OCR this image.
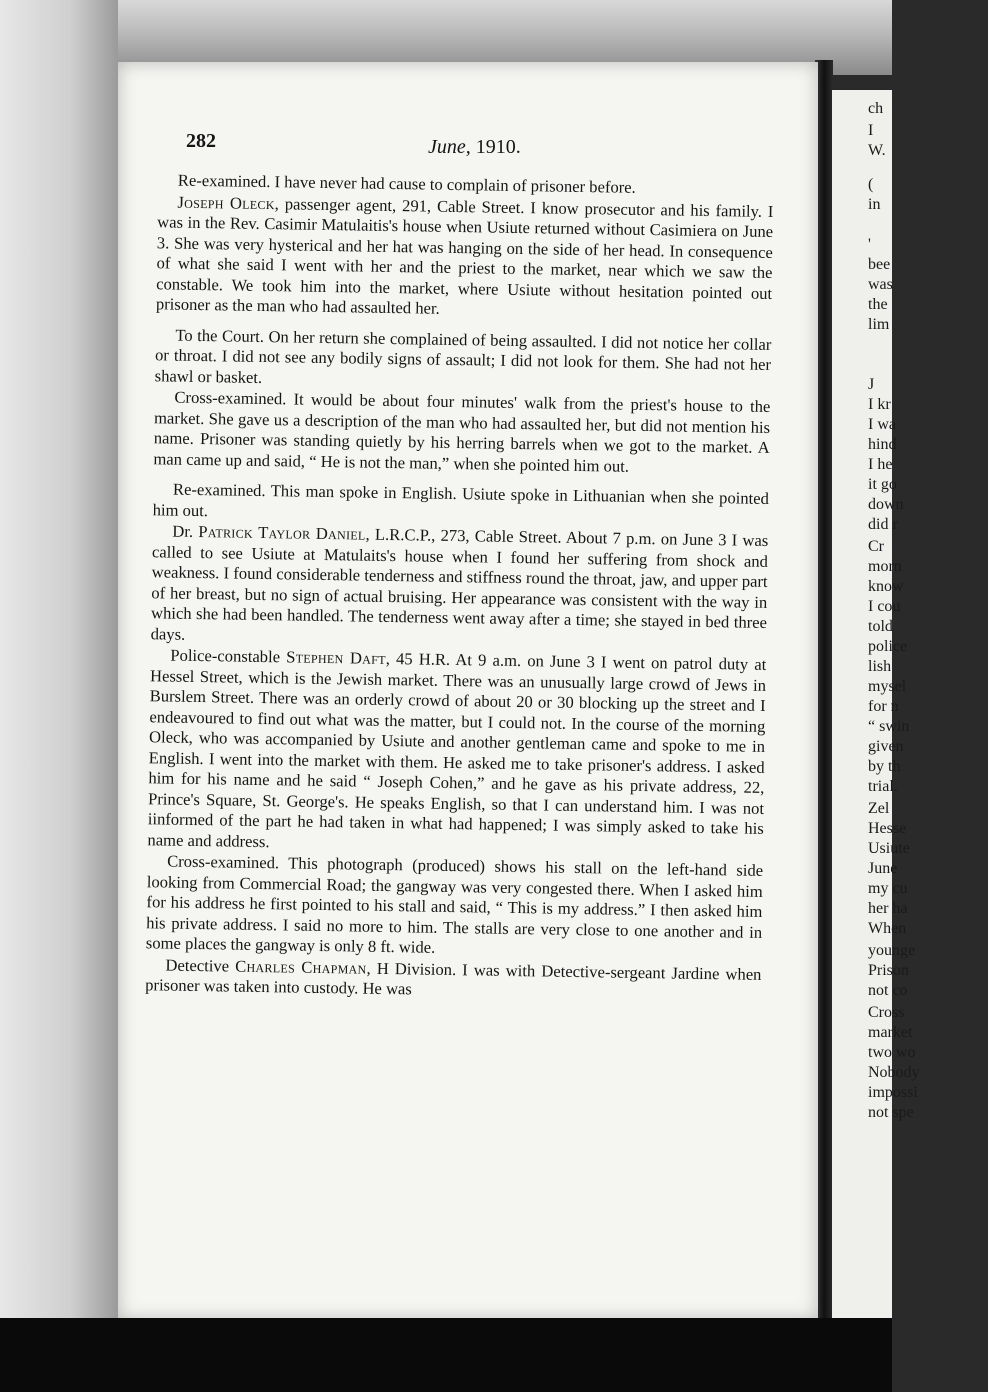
282	June, 1910.

Re-examined. I have never had cause to complain of prisoner before.

Joseph Oleck, passenger agent, 291, Cable Street. I know prosecutor and his family. I was in the Rev. Casimir Matulaitis's house when Usiute returned without Casimiera on June 3. She was very hysterical and her hat was hanging on the side of her head. In consequence of what she said I went with her and the priest to the market, near which we saw the constable. We took him into the market, where Usiute without hesitation pointed out prisoner as the man who had assaulted her.

To the Court. On her return she complained of being assaulted. I did not notice her collar or throat. I did not see any bodily signs of assault; I did not look for them. She had not her shawl or basket.

Cross-examined. It would be about four minutes' walk from the priest's house to the market. She gave us a description of the man who had assaulted her, but did not mention his name. Prisoner was standing quietly by his herring barrels when we got to the market. A man came up and said, “ He is not the man,” when she pointed him out.

Re-examined. This man spoke in English. Usiute spoke in Lithuanian when she pointed him out.

Dr. Patrick Taylor Daniel, L.R.C.P., 273, Cable Street. About 7 p.m. on June 3 I was called to see Usiute at Matulaits's house when I found her suffering from shock and weakness. I found considerable tenderness and stiffness round the throat, jaw, and upper part of her breast, but no sign of actual bruising. Her appearance was consistent with the way in which she had been handled. The tenderness went away after a time; she stayed in bed three days.

Police-constable Stephen Daft, 45 H.R. At 9 a.m. on June 3 I went on patrol duty at Hessel Street, which is the Jewish market. There was an unusually large crowd of Jews in Burslem Street. There was an orderly crowd of about 20 or 30 blocking up the street and I endeavoured to find out what was the matter, but I could not. In the course of the morning Oleck, who was accompanied by Usiute and another gentleman came and spoke to me in English. I went into the market with them. He asked me to take prisoner's address. I asked him for his name and he said “ Joseph Cohen,” and he gave as his private address, 22, Prince's Square, St. George's. He speaks English, so that I can understand him. I was not iinformed of the part he had taken in what had happened; I was simply asked to take his name and address.

Cross-examined. This photograph (produced) shows his stall on the left-hand side looking from Commercial Road; the gangway was very congested there. When I asked him for his address he first pointed to his stall and said, “ This is my address.” I then asked him his private address. I said no more to him. The stalls are very close to one another and in some places the gangway is only 8 ft. wide.

Detective Charles Chapman, H Division. I was with Detective-sergeant Jardine when prisoner was taken into custody. He was

ch
I
W.
(
in
'
bee
was
the
lim
J
I kr
I wa
hind
I he
it go
down
did r
Cr
morn
know
I cou
told
police
lish
mysel
for n
“ swin
given
by th
trial.
Zel
Hesse
Usiute
June
my cu
her ha
When
younge
Prison
not co
Cross
market
two wo
Nobody
impossi
not spe
